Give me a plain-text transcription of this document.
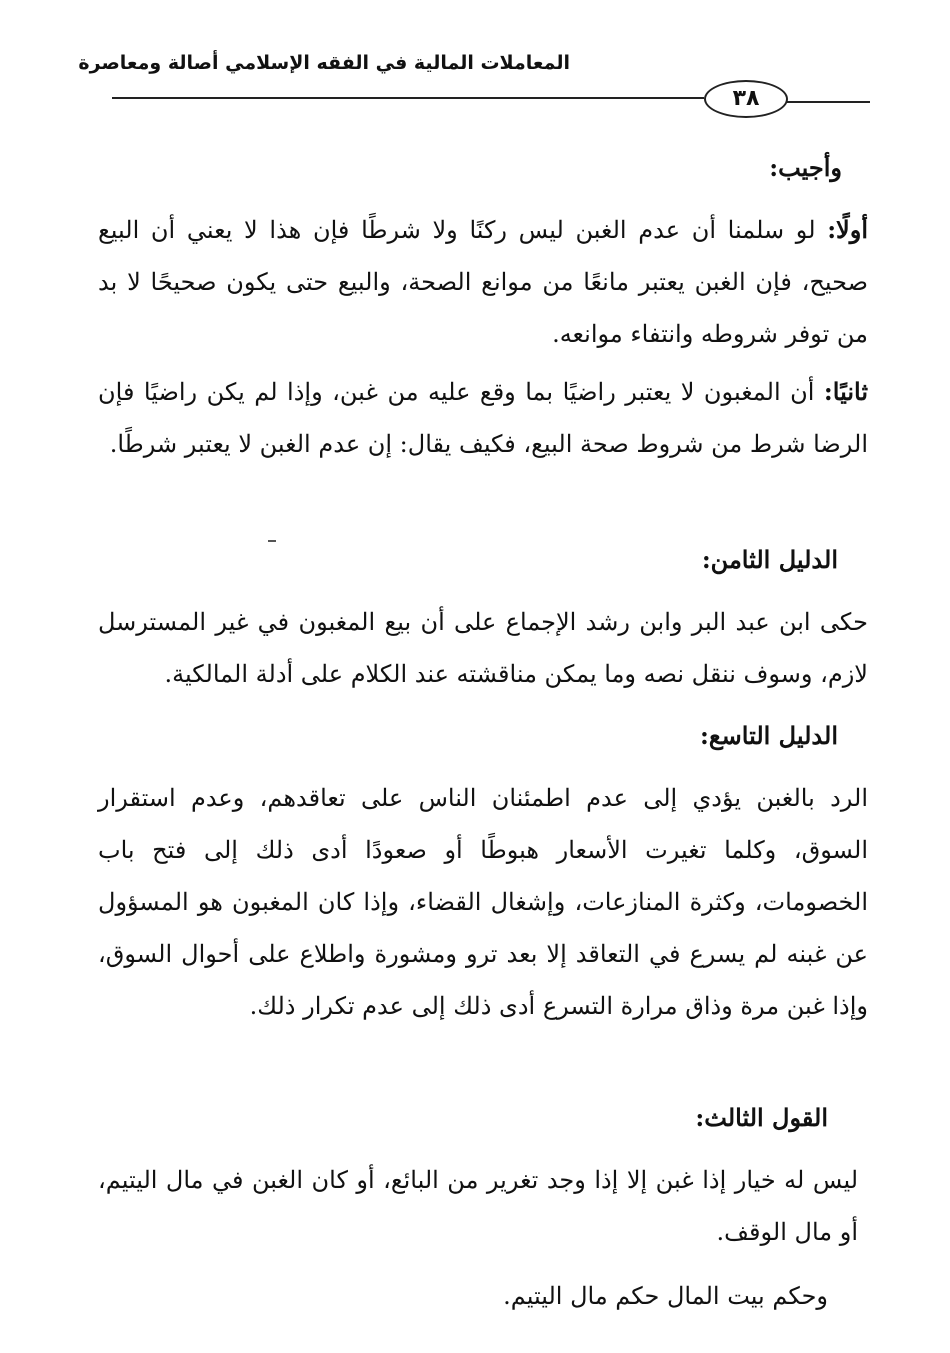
المعاملات المالية في الفقه الإسلامي أصالة ومعاصرة
٣٨
وأجيب:
أولًا: لو سلمنا أن عدم الغبن ليس ركنًا ولا شرطًا فإن هذا لا يعني أن البيع صحيح، فإن الغبن يعتبر مانعًا من موانع الصحة، والبيع حتى يكون صحيحًا لا بد من توفر شروطه وانتفاء موانعه.
ثانيًا: أن المغبون لا يعتبر راضيًا بما وقع عليه من غبن، وإذا لم يكن راضيًا فإن الرضا شرط من شروط صحة البيع، فكيف يقال: إن عدم الغبن لا يعتبر شرطًا.
الدليل الثامن:
حكى ابن عبد البر وابن رشد الإجماع على أن بيع المغبون في غير المسترسل لازم، وسوف ننقل نصه وما يمكن مناقشته عند الكلام على أدلة المالكية.
الدليل التاسع:
الرد بالغبن يؤدي إلى عدم اطمئنان الناس على تعاقدهم، وعدم استقرار السوق، وكلما تغيرت الأسعار هبوطًا أو صعودًا أدى ذلك إلى فتح باب الخصومات، وكثرة المنازعات، وإشغال القضاء، وإذا كان المغبون هو المسؤول عن غبنه لم يسرع في التعاقد إلا بعد ترو ومشورة واطلاع على أحوال السوق، وإذا غبن مرة وذاق مرارة التسرع أدى ذلك إلى عدم تكرار ذلك.
القول الثالث:
ليس له خيار إذا غبن إلا إذا وجد تغرير من البائع، أو كان الغبن في مال اليتيم، أو مال الوقف.
وحكم بيت المال حكم مال اليتيم.
